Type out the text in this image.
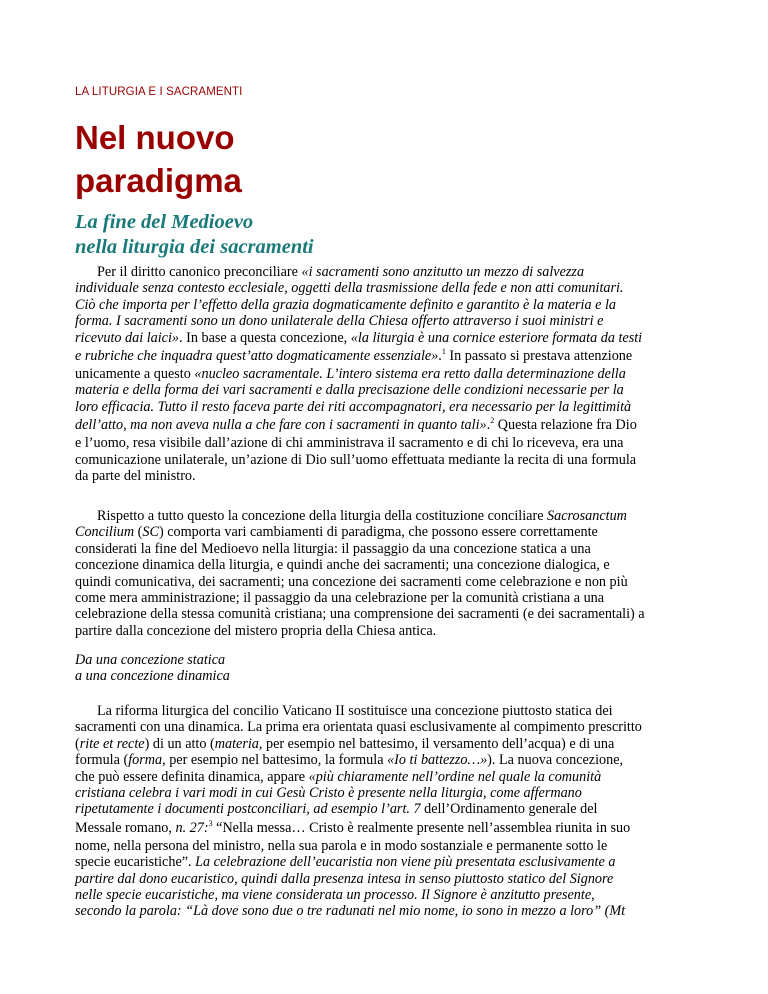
LA LITURGIA E I SACRAMENTI
Nel nuovo
paradigma
La fine del Medioevo
nella liturgia dei sacramenti
Per il diritto canonico preconciliare «i sacramenti sono anzitutto un mezzo di salvezza
individuale senza contesto ecclesiale, oggetti della trasmissione della fede e non atti comunitari.
Ciò che importa per l’effetto della grazia dogmaticamente definito e garantito è la materia e la
forma. I sacramenti sono un dono unilaterale della Chiesa offerto attraverso i suoi ministri e
ricevuto dai laici». In base a questa concezione, «la liturgia è una cornice esteriore formata da testi
e rubriche che inquadra quest’atto dogmaticamente essenziale».$^1$ In passato si prestava attenzione
unicamente a questo «nucleo sacramentale. L’intero sistema era retto dalla determinazione della
materia e della forma dei vari sacramenti e dalla precisazione delle condizioni necessarie per la
loro efficacia. Tutto il resto faceva parte dei riti accompagnatori, era necessario per la legittimità
dell’atto, ma non aveva nulla a che fare con i sacramenti in quanto tali».$^2$ Questa relazione fra Dio
e l’uomo, resa visibile dall’azione di chi amministrava il sacramento e di chi lo riceveva, era una
comunicazione unilaterale, un’azione di Dio sull’uomo effettuata mediante la recita di una formula
da parte del ministro.
Rispetto a tutto questo la concezione della liturgia della costituzione conciliare Sacrosanctum
Concilium (SC) comporta vari cambiamenti di paradigma, che possono essere correttamente
considerati la fine del Medioevo nella liturgia: il passaggio da una concezione statica a una
concezione dinamica della liturgia, e quindi anche dei sacramenti; una concezione dialogica, e
quindi comunicativa, dei sacramenti; una concezione dei sacramenti come celebrazione e non più
come mera amministrazione; il passaggio da una celebrazione per la comunità cristiana a una
celebrazione della stessa comunità cristiana; una comprensione dei sacramenti (e dei sacramentali) a
partire dalla concezione del mistero propria della Chiesa antica.
Da una concezione statica
a una concezione dinamica
La riforma liturgica del concilio Vaticano II sostituisce una concezione piuttosto statica dei
sacramenti con una dinamica. La prima era orientata quasi esclusivamente al compimento prescritto
(rite et recte) di un atto (materia, per esempio nel battesimo, il versamento dell’acqua) e di una
formula (forma, per esempio nel battesimo, la formula «Io ti battezzo…»). La nuova concezione,
che può essere definita dinamica, appare «più chiaramente nell’ordine nel quale la comunità
cristiana celebra i vari modi in cui Gesù Cristo è presente nella liturgia, come affermano
ripetutamente i documenti postconciliari, ad esempio l’art. 7 dell’Ordinamento generale del
Messale romano, n. 27:$^3$ “Nella messa… Cristo è realmente presente nell’assemblea riunita in suo
nome, nella persona del ministro, nella sua parola e in modo sostanziale e permanente sotto le
specie eucaristiche”. La celebrazione dell’eucaristia non viene più presentata esclusivamente a
partire dal dono eucaristico, quindi dalla presenza intesa in senso piuttosto statico del Signore
nelle specie eucaristiche, ma viene considerata un processo. Il Signore è anzitutto presente,
secondo la parola: “Là dove sono due o tre radunati nel mio nome, io sono in mezzo a loro” (Mt
